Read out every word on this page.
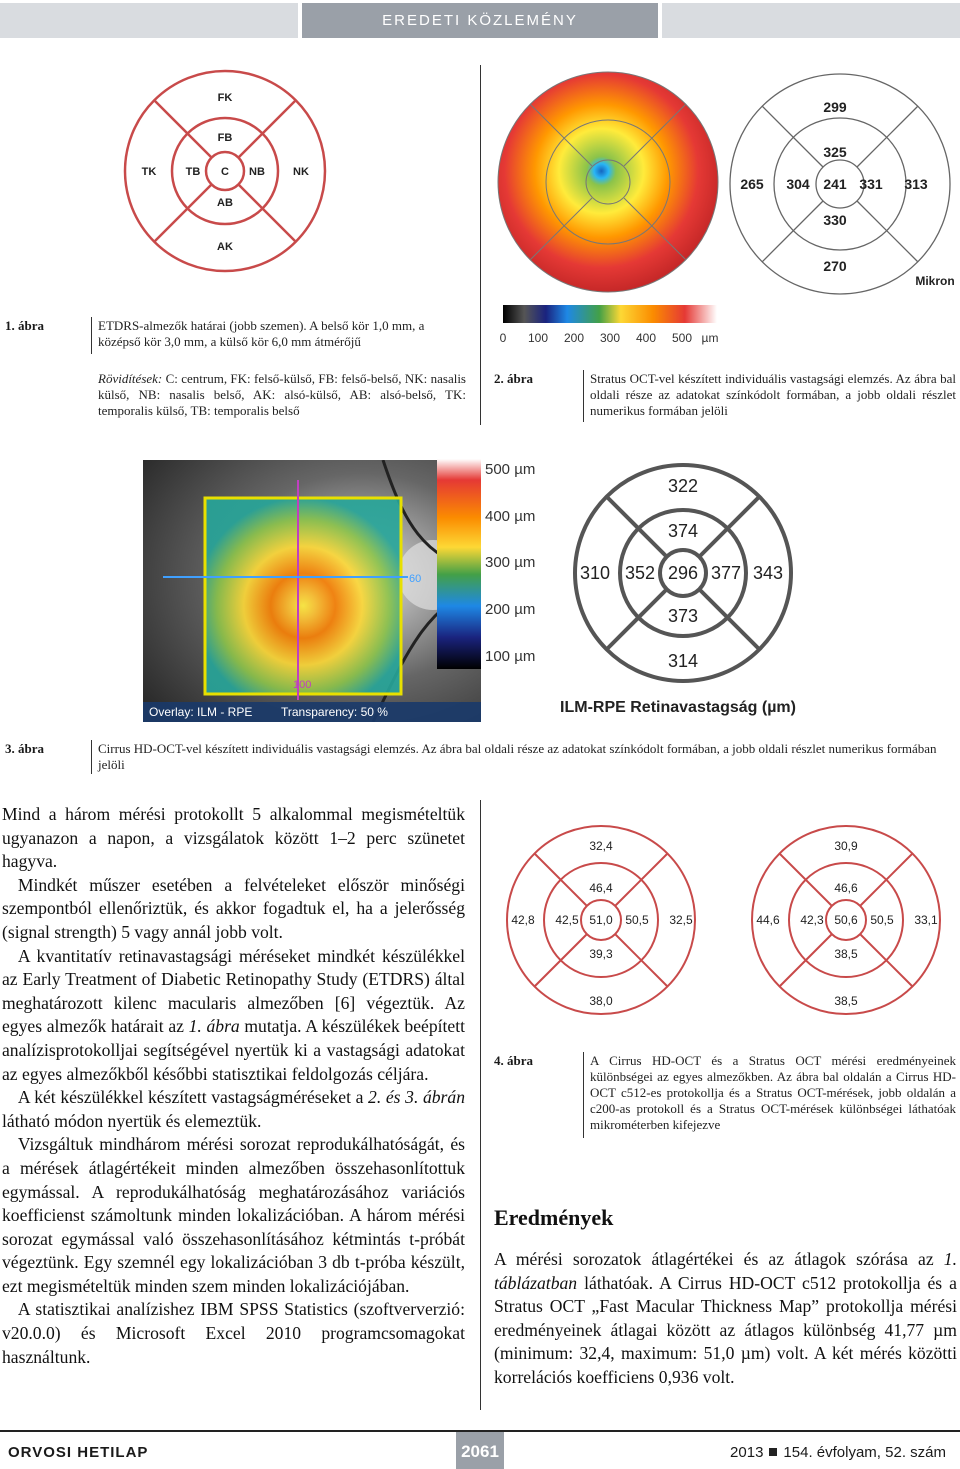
EREDETI KÖZLEMÉNY
FK
FB
TK	TB C NB	NK
AB
AK
1. ábra	ETDRS-almezők határai (jobb szemen). A belső kör 1,0 mm, a középső kör 3,0 mm, a külső kör 6,0 mm átmérőjű
Rövidítések: C: centrum, FK: felső-külső, FB: felső-belső, NK: nasalis külső, NB: nasalis belső, AK: alsó-külső, AB: alsó-belső, TK: temporalis külső, TB: temporalis belső
299
325
265 304 241 331 313
330
270
Mikron
0 100 200 300 400 500 µm
2. ábra	Stratus OCT-vel készített individuális vastagsági elemzés. Az ábra bal oldali része az adatokat színkódolt formában, a jobb oldali részlet numerikus formában jelöli
60
100
Overlay: ILM - RPE Transparency: 50 %
500 µm
400 µm
300 µm
200 µm
100 µm
322
374
310 352 296 377 343
373
314
ILM-RPE Retinavastagság (µm)
3. ábra	Cirrus HD-OCT-vel készített individuális vastagsági elemzés. Az ábra bal oldali része az adatokat színkódolt formában, a jobb oldali részlet numerikus formában jelöli

Mind a három mérési protokollt 5 alkalommal megismételtük ugyanazon a napon, a vizsgálatok között 1–2 perc szünetet hagyva.

Mindkét műszer esetében a felvételeket először minőségi szempontból ellenőriztük, és akkor fogadtuk el, ha a jelerősség (signal strength) 5 vagy annál jobb volt.

A kvantitatív retinavastagsági méréseket mindkét készülékkel az Early Treatment of Diabetic Retinopathy Study (ETDRS) által meghatározott kilenc macularis almezőben [6] végeztük. Az egyes almezők határait az 1. ábra mutatja. A készülékek beépített analízisprotokolljai segítségével nyertük ki a vastagsági adatokat az egyes almezőkből későbbi statisztikai feldolgozás céljára.

A két készülékkel készített vastagságméréseket a 2. és 3. ábrán látható módon nyertük és elemeztük.

Vizsgáltuk mindhárom mérési sorozat reprodukálhatóságát, és a mérések átlagértékeit minden almezőben összehasonlítottuk egymással. A reprodukálhatóság meghatározásához variációs koefficienst számoltunk minden lokalizációban. A három mérési sorozat egymással való összehasonlításához kétmintás t-próbát végeztünk. Egy szemnél egy lokalizációban 3 db t-próba készült, ezt megismételtük minden szem minden lokalizációjában.

A statisztikai analízishez IBM SPSS Statistics (szoftververzió: v20.0.0) és Microsoft Excel 2010 programcsomagokat használtunk.

32,4
46,4
42,8 42,5 51,0 50,5 32,5
39,3
38,0
30,9
46,6
44,6 42,3 50,6 50,5 33,1
38,5
38,5
4. ábra	A Cirrus HD-OCT és a Stratus OCT mérési eredményeinek különbségei az egyes almezőkben. Az ábra bal oldalán a Cirrus HD-OCT c512-es protokollja és a Stratus OCT-mérések, jobb oldalán a c200-as protokoll és a Stratus OCT-mérések különbségei láthatóak mikrométerben kifejezve
Eredmények

A mérési sorozatok átlagértékei és az átlagok szórása az 1. táblázatban láthatóak. A Cirrus HD-OCT c512 protokollja és a Stratus OCT „Fast Macular Thickness Map” protokollja mérési eredményeinek átlagai között az átlagos különbség 41,77 µm (minimum: 32,4, maximum: 51,0 µm) volt. A két mérés közötti korrelációs koefficiens 0,936 volt.

ORVOSI HETILAP	2061	2013 154. évfolyam, 52. szám
